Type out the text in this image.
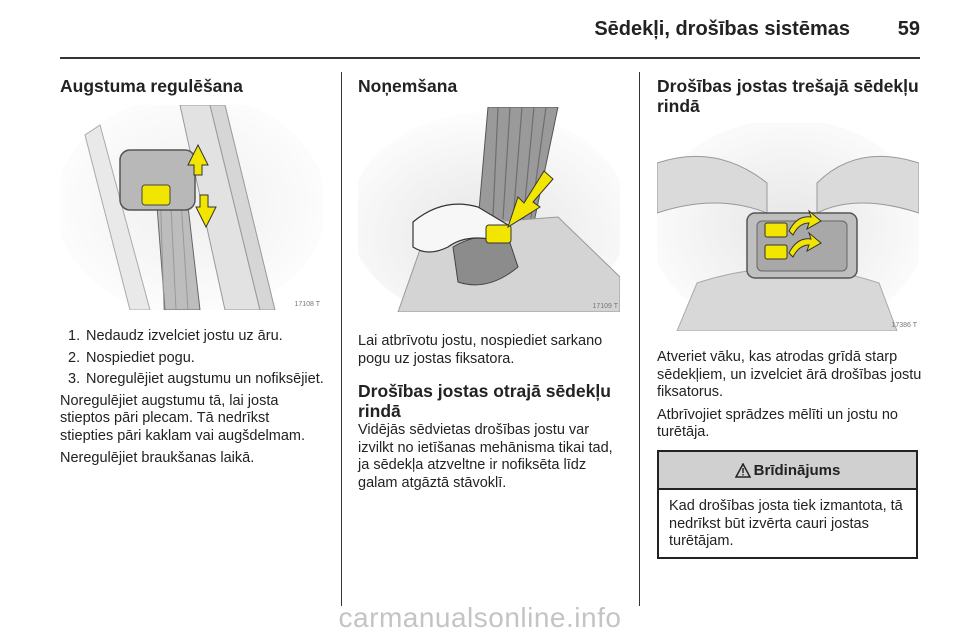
Sēdekļi, drošības sistēmas 59
Augstuma regulēšana
17108 T
1. Nedaudz izvelciet jostu uz āru.
2. Nospiediet pogu.
3. Noregulējiet augstumu un nofiksējiet.

Noregulējiet augstumu tā, lai josta stieptos pāri plecam. Tā nedrīkst stiepties pāri kaklam vai augšdelmam.

Neregulējiet braukšanas laikā.

Noņemšana
17109 T

Lai atbrīvotu jostu, nospiediet sarkano pogu uz jostas fiksatora.

Drošības jostas otrajā sēdekļu rindā

Vidējās sēdvietas drošības jostu var izvilkt no ietīšanas mehānisma tikai tad, ja sēdekļa atzveltne ir nofiksēta līdz galam atgāztā stāvoklī.

Drošības jostas trešajā sēdekļu rindā
17386 T

Atveriet vāku, kas atrodas grīdā starp sēdekļiem, un izvelciet ārā drošības jostu fiksatorus.

Atbrīvojiet sprādzes mēlīti un jostu no turētāja.

Brīdinājums
Kad drošības josta tiek izmantota, tā nedrīkst būt izvērta cauri jostas turētājam.
carmanualsonline.info
